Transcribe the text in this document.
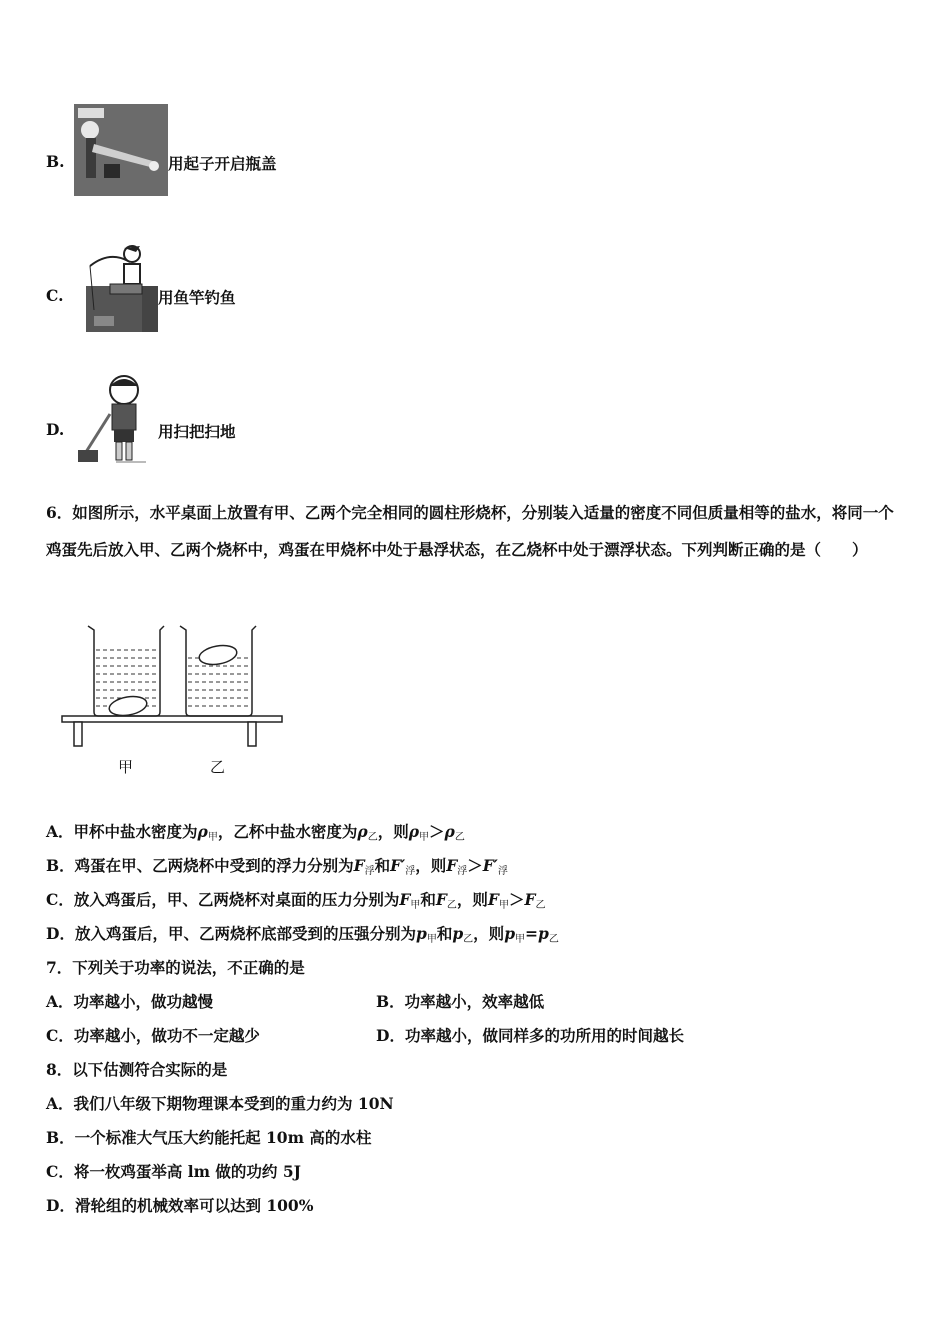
B.	用起子开启瓶盖
C.	用鱼竿钓鱼
D.	用扫把扫地
6．如图所示，水平桌面上放置有甲、乙两个完全相同的圆柱形烧杯，分别装入适量的密度不同但质量相等的盐水，将同一个鸡蛋先后放入甲、乙两个烧杯中，鸡蛋在甲烧杯中处于悬浮状态，在乙烧杯中处于漂浮状态。下列判断正确的是（　　）
甲	乙
A．甲杯中盐水密度为$\rho_甲$，乙杯中盐水密度为$\rho_乙$，则$\rho_甲>\rho_乙$
B．鸡蛋在甲、乙两烧杯中受到的浮力分别为$F_浮$和$F'_浮$，则$F_浮>F'_浮$
C．放入鸡蛋后，甲、乙两烧杯对桌面的压力分别为$F_甲$和$F_乙$，则$F_甲>F_乙$
D．放入鸡蛋后，甲、乙两烧杯底部受到的压强分别为$p_甲$和$p_乙$，则$p_甲=p_乙$
7．下列关于功率的说法，不正确的是
A．功率越小，做功越慢	B．功率越小，效率越低
C．功率越小，做功不一定越少	D．功率越小，做同样多的功所用的时间越长
8．以下估测符合实际的是
A．我们八年级下期物理课本受到的重力约为 10N
B．一个标准大气压大约能托起 10m 高的水柱
C．将一枚鸡蛋举高 lm 做的功约 5J
D．滑轮组的机械效率可以达到 100%
